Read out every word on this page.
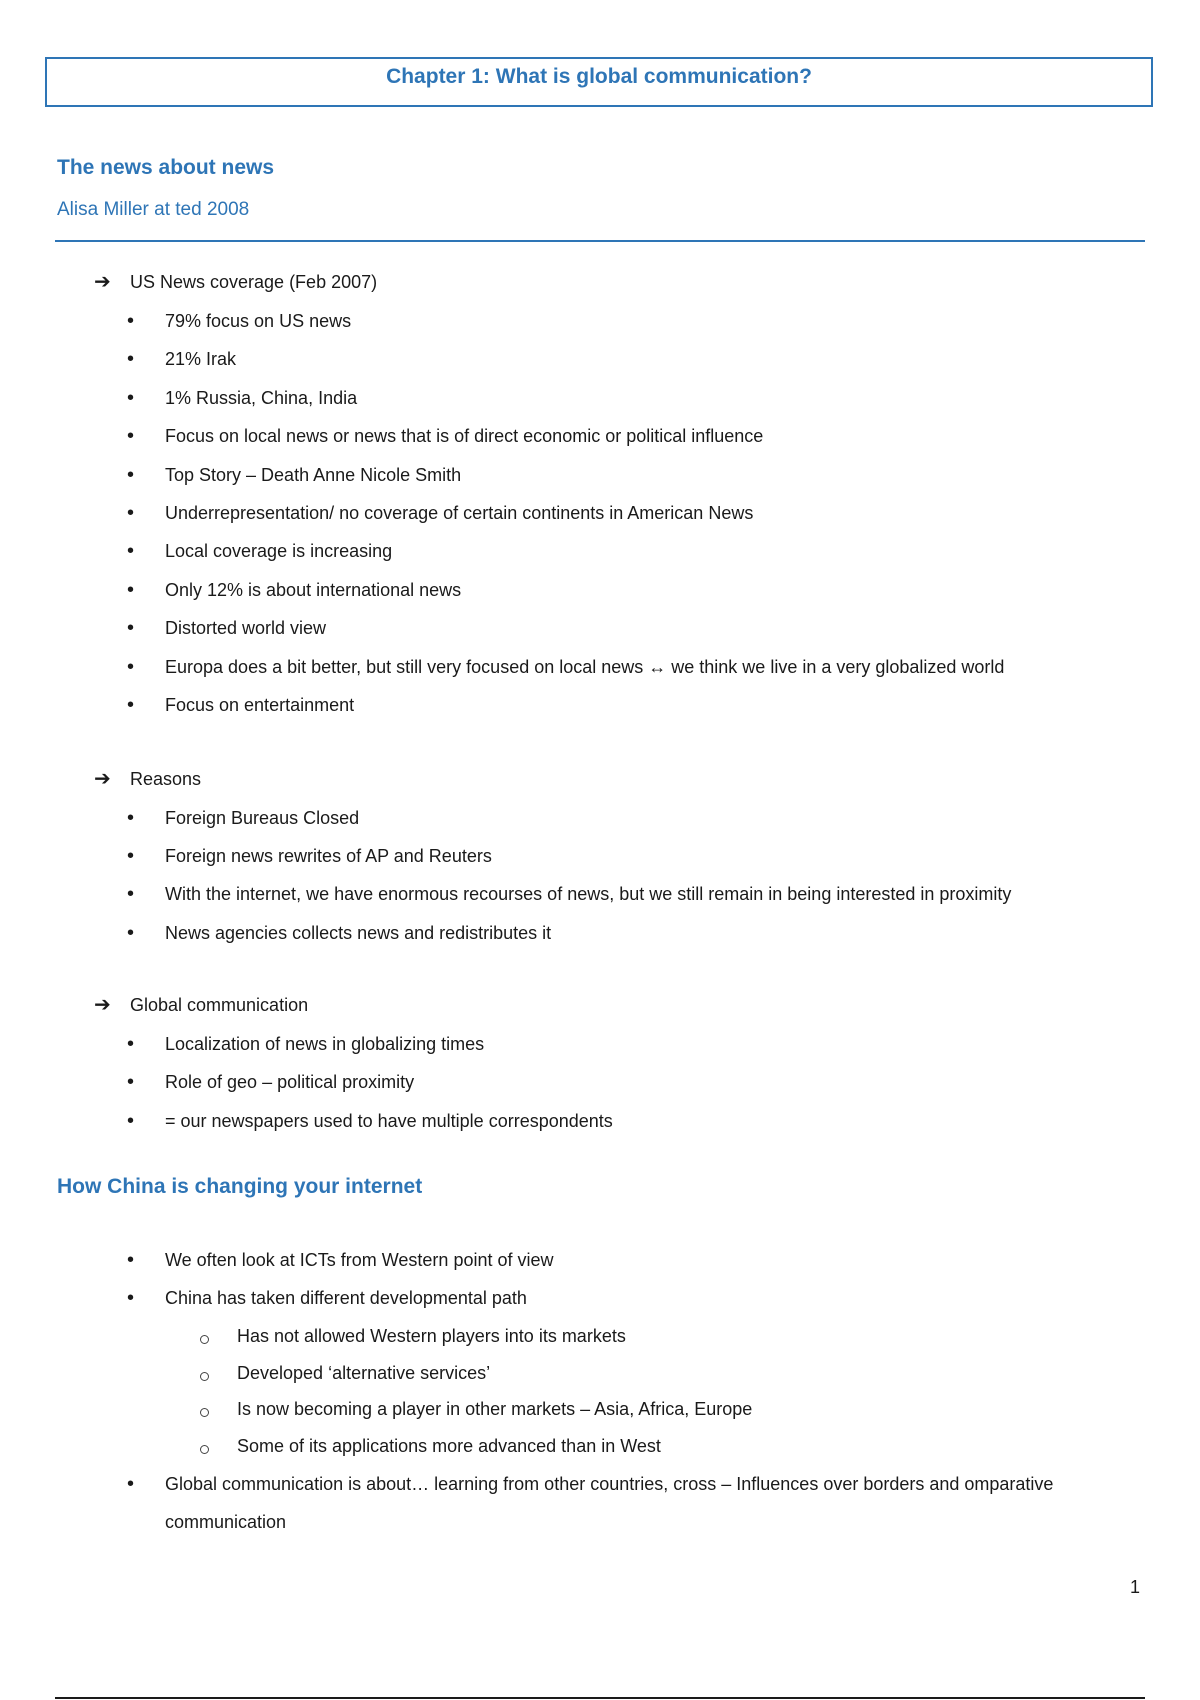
Chapter 1: What is global communication?
The news about news
Alisa Miller at ted 2008
➔ US News coverage (Feb 2007)
• 79% focus on US news
• 21% Irak
• 1% Russia, China, India
• Focus on local news or news that is of direct economic or political influence
• Top Story – Death Anne Nicole Smith
• Underrepresentation/ no coverage of certain continents in American News
• Local coverage is increasing
• Only 12% is about international news
• Distorted world view
• Europa does a bit better, but still very focused on local news ↔ we think we live in a very globalized world
• Focus on entertainment
➔ Reasons
• Foreign Bureaus Closed
• Foreign news rewrites of AP and Reuters
• With the internet, we have enormous recourses of news, but we still remain in being interested in proximity
• News agencies collects news and redistributes it
➔ Global communication
• Localization of news in globalizing times
• Role of geo – political proximity
• = our newspapers used to have multiple correspondents
How China is changing your internet
• We often look at ICTs from Western point of view
• China has taken different developmental path
Has not allowed Western players into its markets
Developed ‘alternative services’
Is now becoming a player in other markets – Asia, Africa, Europe
Some of its applications more advanced than in West
• Global communication is about… learning from other countries, cross – Influences over borders and omparative
communication
1
